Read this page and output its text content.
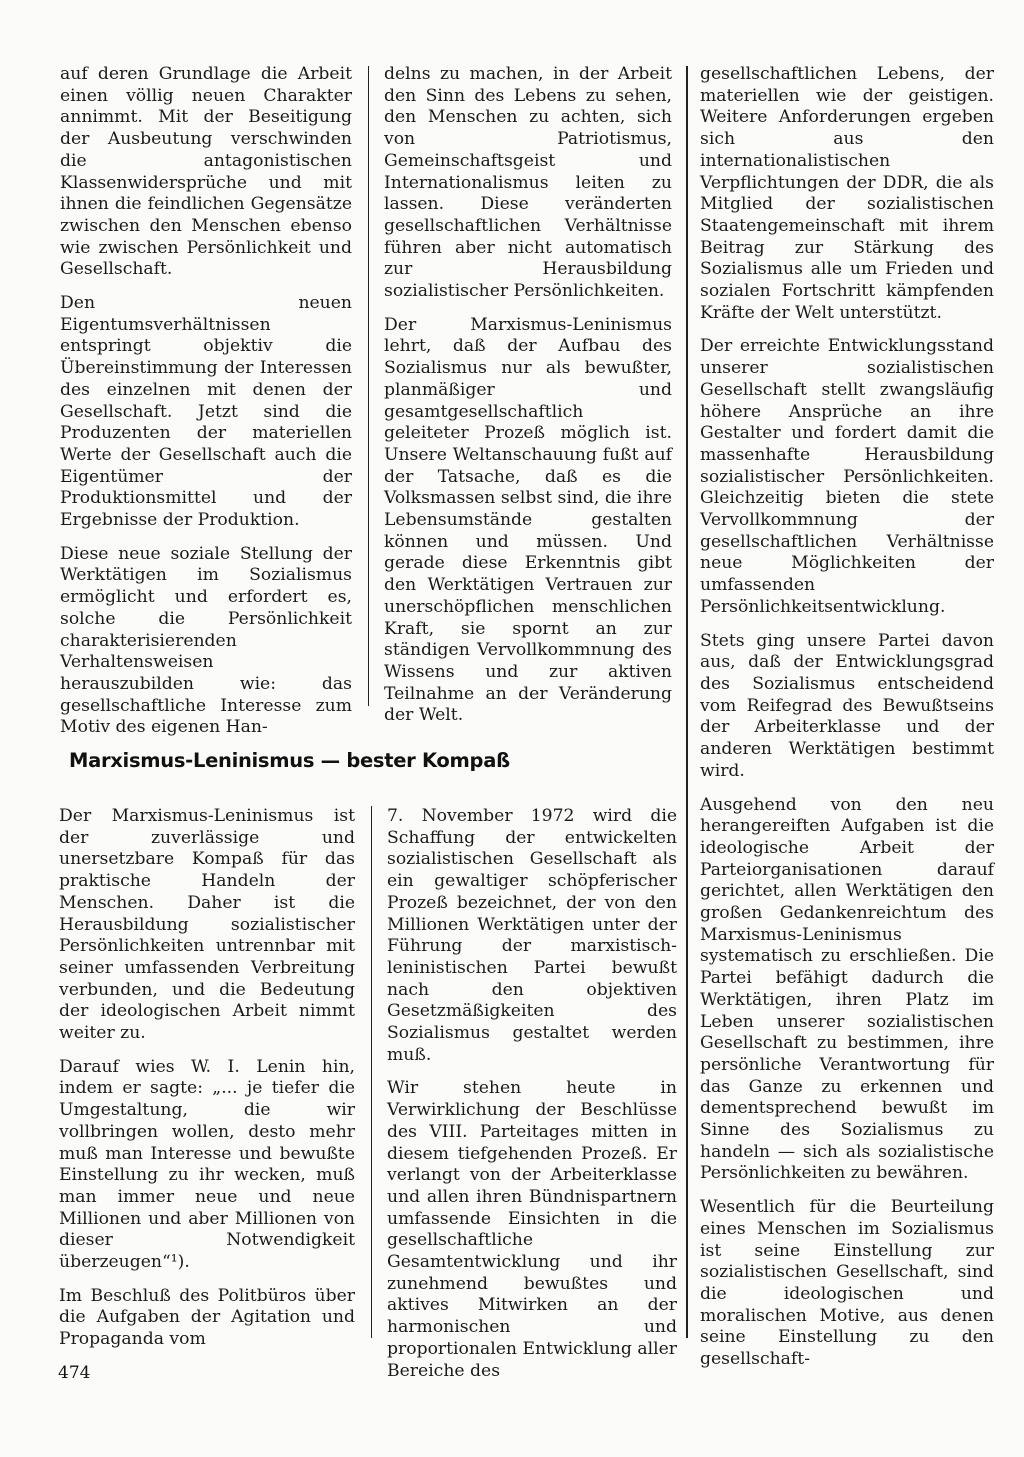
auf deren Grundlage die Arbeit einen völlig neuen Charakter annimmt. Mit der Beseitigung der Ausbeutung verschwinden die antagonistischen Klassenwidersprüche und mit ihnen die feindlichen Gegensätze zwischen den Menschen ebenso wie zwischen Persönlichkeit und Gesellschaft.

Den neuen Eigentumsverhältnissen entspringt objektiv die Übereinstimmung der Interessen des einzelnen mit denen der Gesellschaft. Jetzt sind die Produzenten der materiellen Werte der Gesellschaft auch die Eigentümer der Produktionsmittel und der Ergebnisse der Produktion.

Diese neue soziale Stellung der Werktätigen im Sozialismus ermöglicht und erfordert es, solche die Persönlichkeit charakterisierenden Verhaltensweisen herauszubilden wie: das gesellschaftliche Interesse zum Motiv des eigenen Han-

delns zu machen, in der Arbeit den Sinn des Lebens zu sehen, den Menschen zu achten, sich von Patriotismus, Gemeinschaftsgeist und Internationalismus leiten zu lassen. Diese veränderten gesellschaftlichen Verhältnisse führen aber nicht automatisch zur Herausbildung sozialistischer Persönlichkeiten.

Der Marxismus-Leninismus lehrt, daß der Aufbau des Sozialismus nur als bewußter, planmäßiger und gesamtgesellschaftlich geleiteter Prozeß möglich ist. Unsere Weltanschauung fußt auf der Tatsache, daß es die Volksmassen selbst sind, die ihre Lebensumstände gestalten können und müssen. Und gerade diese Erkenntnis gibt den Werktätigen Vertrauen zur unerschöpflichen menschlichen Kraft, sie spornt an zur ständigen Vervollkommnung des Wissens und zur aktiven Teilnahme an der Veränderung der Welt.

Marxismus-Leninismus — bester Kompaß

Der Marxismus-Leninismus ist der zuverlässige und unersetzbare Kompaß für das praktische Handeln der Menschen. Daher ist die Herausbildung sozialistischer Persönlichkeiten untrennbar mit seiner umfassenden Verbreitung verbunden, und die Bedeutung der ideologischen Arbeit nimmt weiter zu.

Darauf wies W. I. Lenin hin, indem er sagte: „... je tiefer die Umgestaltung, die wir vollbringen wollen, desto mehr muß man Interesse und bewußte Einstellung zu ihr wecken, muß man immer neue und neue Millionen und aber Millionen von dieser Notwendigkeit überzeugen“¹).

Im Beschluß des Politbüros über die Aufgaben der Agitation und Propaganda vom

7. November 1972 wird die Schaffung der entwickelten sozialistischen Gesellschaft als ein gewaltiger schöpferischer Prozeß bezeichnet, der von den Millionen Werktätigen unter der Führung der marxistisch-leninistischen Partei bewußt nach den objektiven Gesetzmäßigkeiten des Sozialismus gestaltet werden muß.

Wir stehen heute in Verwirklichung der Beschlüsse des VIII. Parteitages mitten in diesem tiefgehenden Prozeß. Er verlangt von der Arbeiterklasse und allen ihren Bündnispartnern umfassende Einsichten in die gesellschaftliche Gesamtentwicklung und ihr zunehmend bewußtes und aktives Mitwirken an der harmonischen und proportionalen Entwicklung aller Bereiche des

gesellschaftlichen Lebens, der materiellen wie der geistigen. Weitere Anforderungen ergeben sich aus den internationalistischen Verpflichtungen der DDR, die als Mitglied der sozialistischen Staatengemeinschaft mit ihrem Beitrag zur Stärkung des Sozialismus alle um Frieden und sozialen Fortschritt kämpfenden Kräfte der Welt unterstützt.

Der erreichte Entwicklungsstand unserer sozialistischen Gesellschaft stellt zwangsläufig höhere Ansprüche an ihre Gestalter und fordert damit die massenhafte Herausbildung sozialistischer Persönlichkeiten. Gleichzeitig bieten die stete Vervollkommnung der gesellschaftlichen Verhältnisse neue Möglichkeiten der umfassenden Persönlichkeitsentwicklung.

Stets ging unsere Partei davon aus, daß der Entwicklungsgrad des Sozialismus entscheidend vom Reifegrad des Bewußtseins der Arbeiterklasse und der anderen Werktätigen bestimmt wird.

Ausgehend von den neu herangereiften Aufgaben ist die ideologische Arbeit der Parteiorganisationen darauf gerichtet, allen Werktätigen den großen Gedankenreichtum des Marxismus-Leninismus systematisch zu erschließen. Die Partei befähigt dadurch die Werktätigen, ihren Platz im Leben unserer sozialistischen Gesellschaft zu bestimmen, ihre persönliche Verantwortung für das Ganze zu erkennen und dementsprechend bewußt im Sinne des Sozialismus zu handeln — sich als sozialistische Persönlichkeiten zu bewähren.

Wesentlich für die Beurteilung eines Menschen im Sozialismus ist seine Einstellung zur sozialistischen Gesellschaft, sind die ideologischen und moralischen Motive, aus denen seine Einstellung zu den gesellschaft-

474
